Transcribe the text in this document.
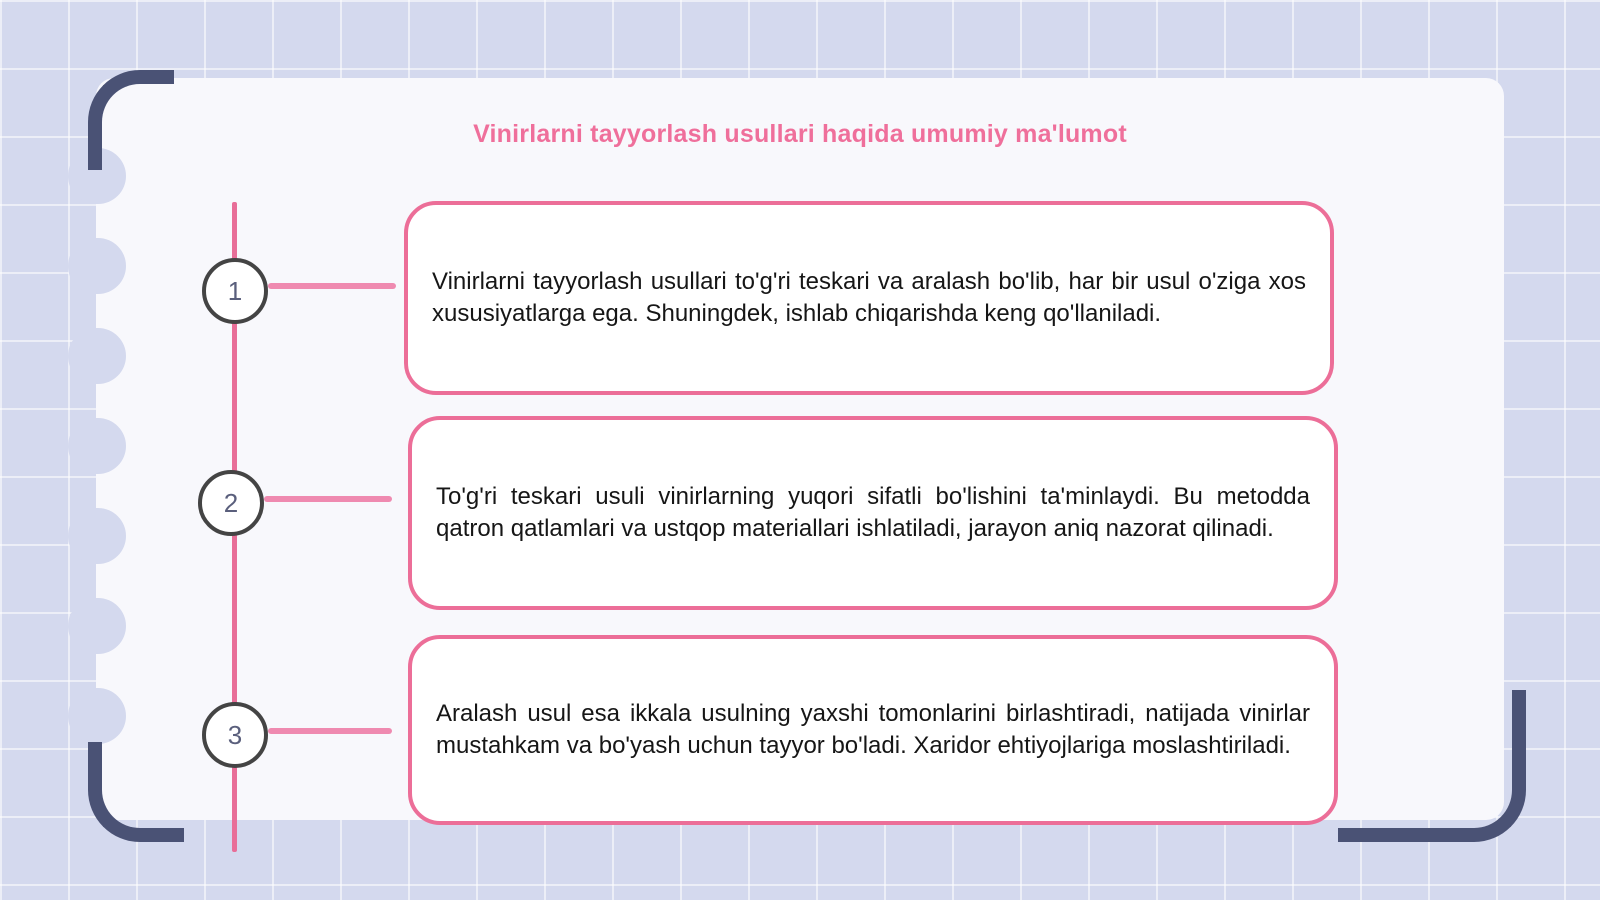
Vinirlarni tayyorlash usullari haqida umumiy ma'lumot
1
2
3

Vinirlarni tayyorlash usullari to'g'ri teskari va aralash bo'lib, har bir usul o'ziga xos xususiyatlarga ega. Shuningdek, ishlab chiqarishda keng qo'llaniladi.

To'g'ri teskari usuli vinirlarning yuqori sifatli bo'lishini ta'minlaydi. Bu metodda qatron qatlamlari va ustqop materiallari ishlatiladi, jarayon aniq nazorat qilinadi.

Aralash usul esa ikkala usulning yaxshi tomonlarini birlashtiradi, natijada vinirlar mustahkam va bo'yash uchun tayyor bo'ladi. Xaridor ehtiyojlariga moslashtiriladi.
